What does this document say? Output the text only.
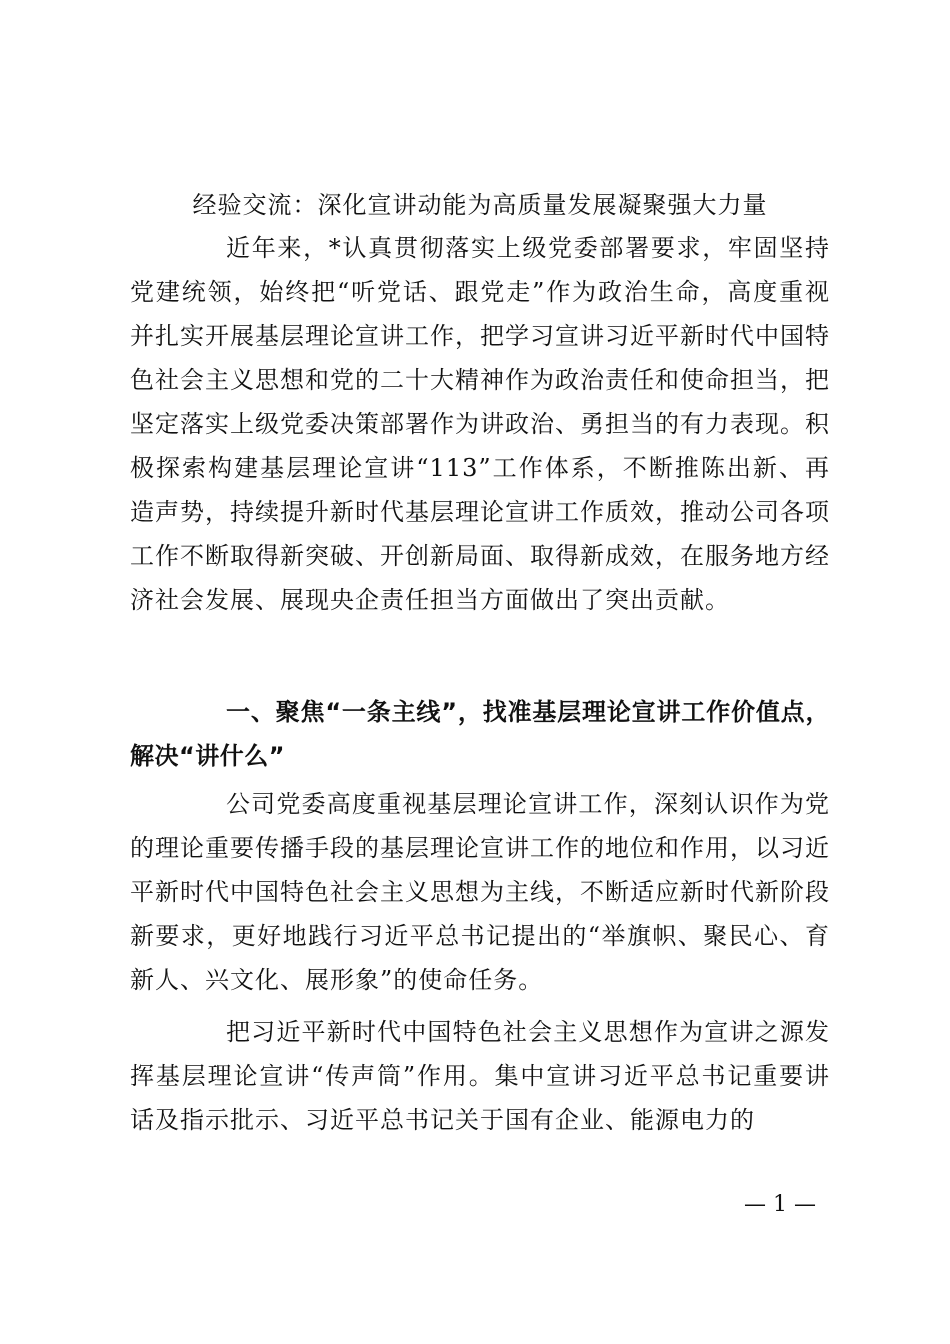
经验交流：深化宣讲动能为高质量发展凝聚强大力量

近年来，*认真贯彻落实上级党委部署要求，牢固坚持党建统领，始终把“听党话、跟党走”作为政治生命，高度重视并扎实开展基层理论宣讲工作，把学习宣讲习近平新时代中国特色社会主义思想和党的二十大精神作为政治责任和使命担当，把坚定落实上级党委决策部署作为讲政治、勇担当的有力表现。积极探索构建基层理论宣讲“113”工作体系，不断推陈出新、再造声势，持续提升新时代基层理论宣讲工作质效，推动公司各项工作不断取得新突破、开创新局面、取得新成效，在服务地方经济社会发展、展现央企责任担当方面做出了突出贡献。

一、聚焦“一条主线”，找准基层理论宣讲工作价值点，解决“讲什么”

公司党委高度重视基层理论宣讲工作，深刻认识作为党的理论重要传播手段的基层理论宣讲工作的地位和作用，以习近平新时代中国特色社会主义思想为主线，不断适应新时代新阶段新要求，更好地践行习近平总书记提出的“举旗帜、聚民心、育新人、兴文化、展形象”的使命任务。

把习近平新时代中国特色社会主义思想作为宣讲之源发挥基层理论宣讲“传声筒”作用。集中宣讲习近平总书记重要讲话及指示批示、习近平总书记关于国有企业、能源电力的

— 1 —
